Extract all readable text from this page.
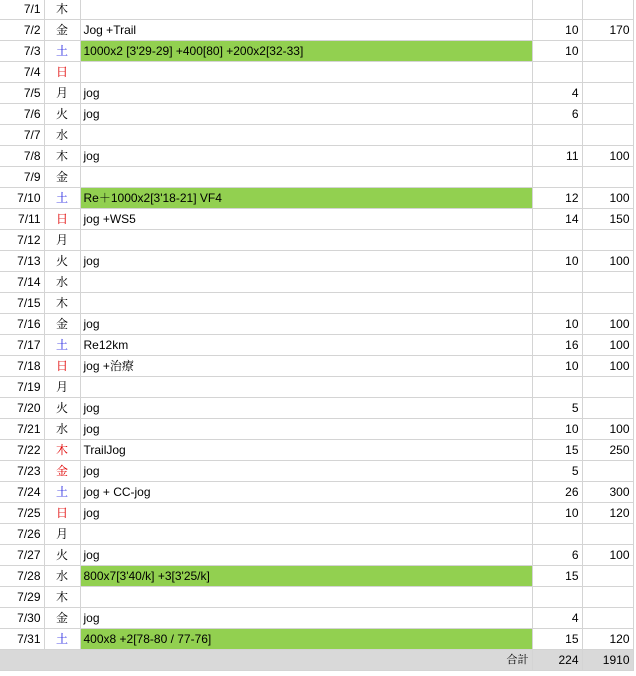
7/1	木			
7/2	金	Jog +Trail	10	170
7/3	土	1000x2 [3'29-29] +400[80] +200x2[32-33]	10	
7/4	日			
7/5	月	jog	4	
7/6	火	jog	6	
7/7	水			
7/8	木	jog	11	100
7/9	金			
7/10	土	Re＋1000x2[3'18-21] VF4	12	100
7/11	日	jog +WS5	14	150
7/12	月			
7/13	火	jog	10	100
7/14	水			
7/15	木			
7/16	金	jog	10	100
7/17	土	Re12km	16	100
7/18	日	jog +治療	10	100
7/19	月			
7/20	火	jog	5	
7/21	水	jog	10	100
7/22	木	TrailJog	15	250
7/23	金	jog	5	
7/24	土	jog + CC-jog	26	300
7/25	日	jog	10	120
7/26	月			
7/27	火	jog	6	100
7/28	水	800x7[3'40/k] +3[3'25/k]	15	
7/29	木			
7/30	金	jog	4	
7/31	土	400x8 +2[78-80 / 77-76]	15	120
合計			224	1910
